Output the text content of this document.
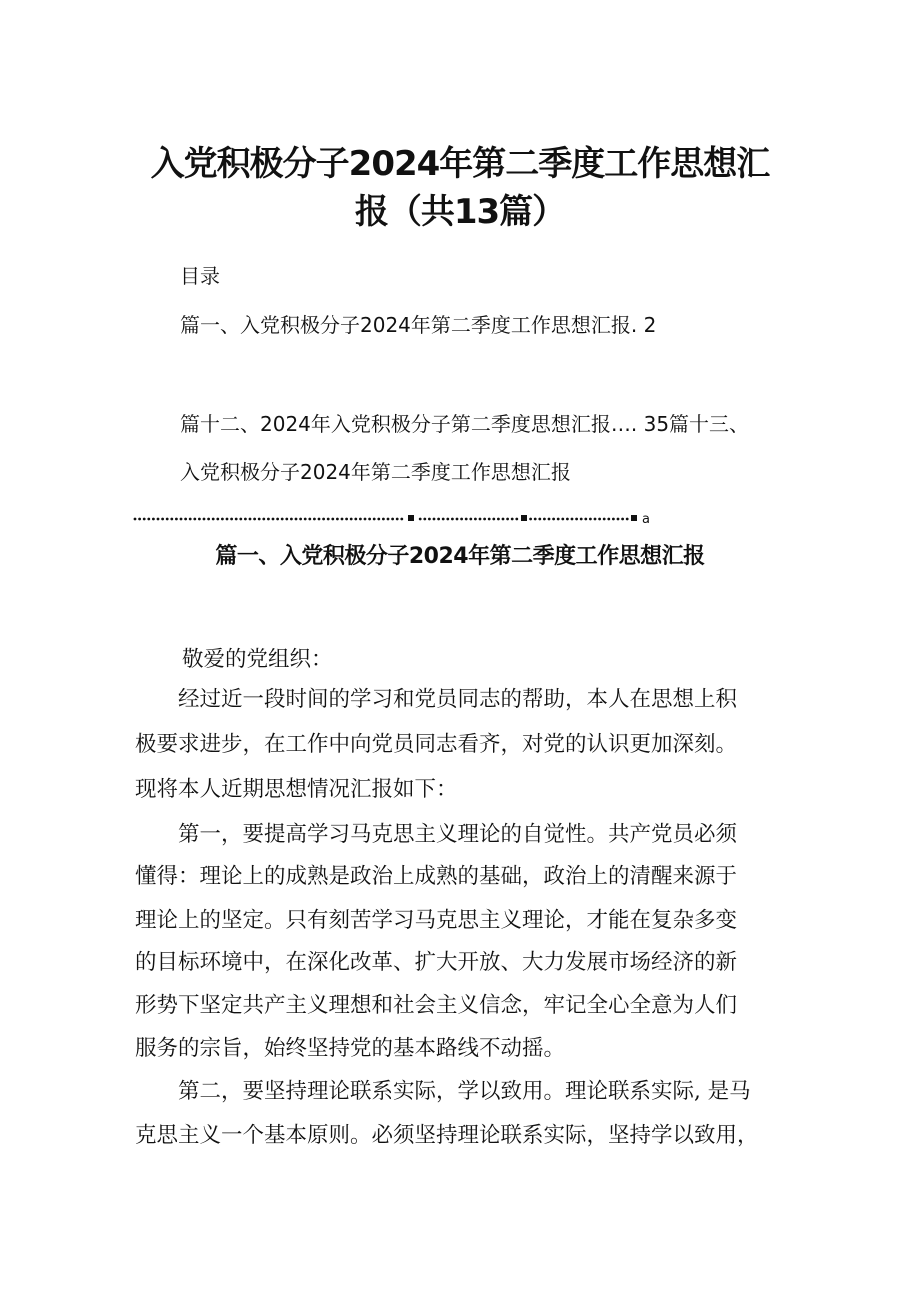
入党积极分子2024年第二季度工作思想汇
报（共13篇）
目录
篇一、入党积极分子2024年第二季度工作思想汇报. 2
篇十二、2024年入党积极分子第二季度思想汇报…. 35篇十三、
入党积极分子2024年第二季度工作思想汇报
a
篇一、入党积极分子2024年第二季度工作思想汇报
敬爱的党组织：
　　经过近一段时间的学习和党员同志的帮助，本人在思想上积
极要求进步，在工作中向党员同志看齐，对党的认识更加深刻。
现将本人近期思想情况汇报如下：
　　第一，要提高学习马克思主义理论的自觉性。共产党员必须
懂得：理论上的成熟是政治上成熟的基础，政治上的清醒来源于
理论上的坚定。只有刻苦学习马克思主义理论，才能在复杂多变
的目标环境中，在深化改革、扩大开放、大力发展市场经济的新
形势下坚定共产主义理想和社会主义信念，牢记全心全意为人们
服务的宗旨，始终坚持党的基本路线不动摇。
　　第二，要坚持理论联系实际，学以致用。理论联系实际, 是马
克思主义一个基本原则。必须坚持理论联系实际，坚持学以致用，
